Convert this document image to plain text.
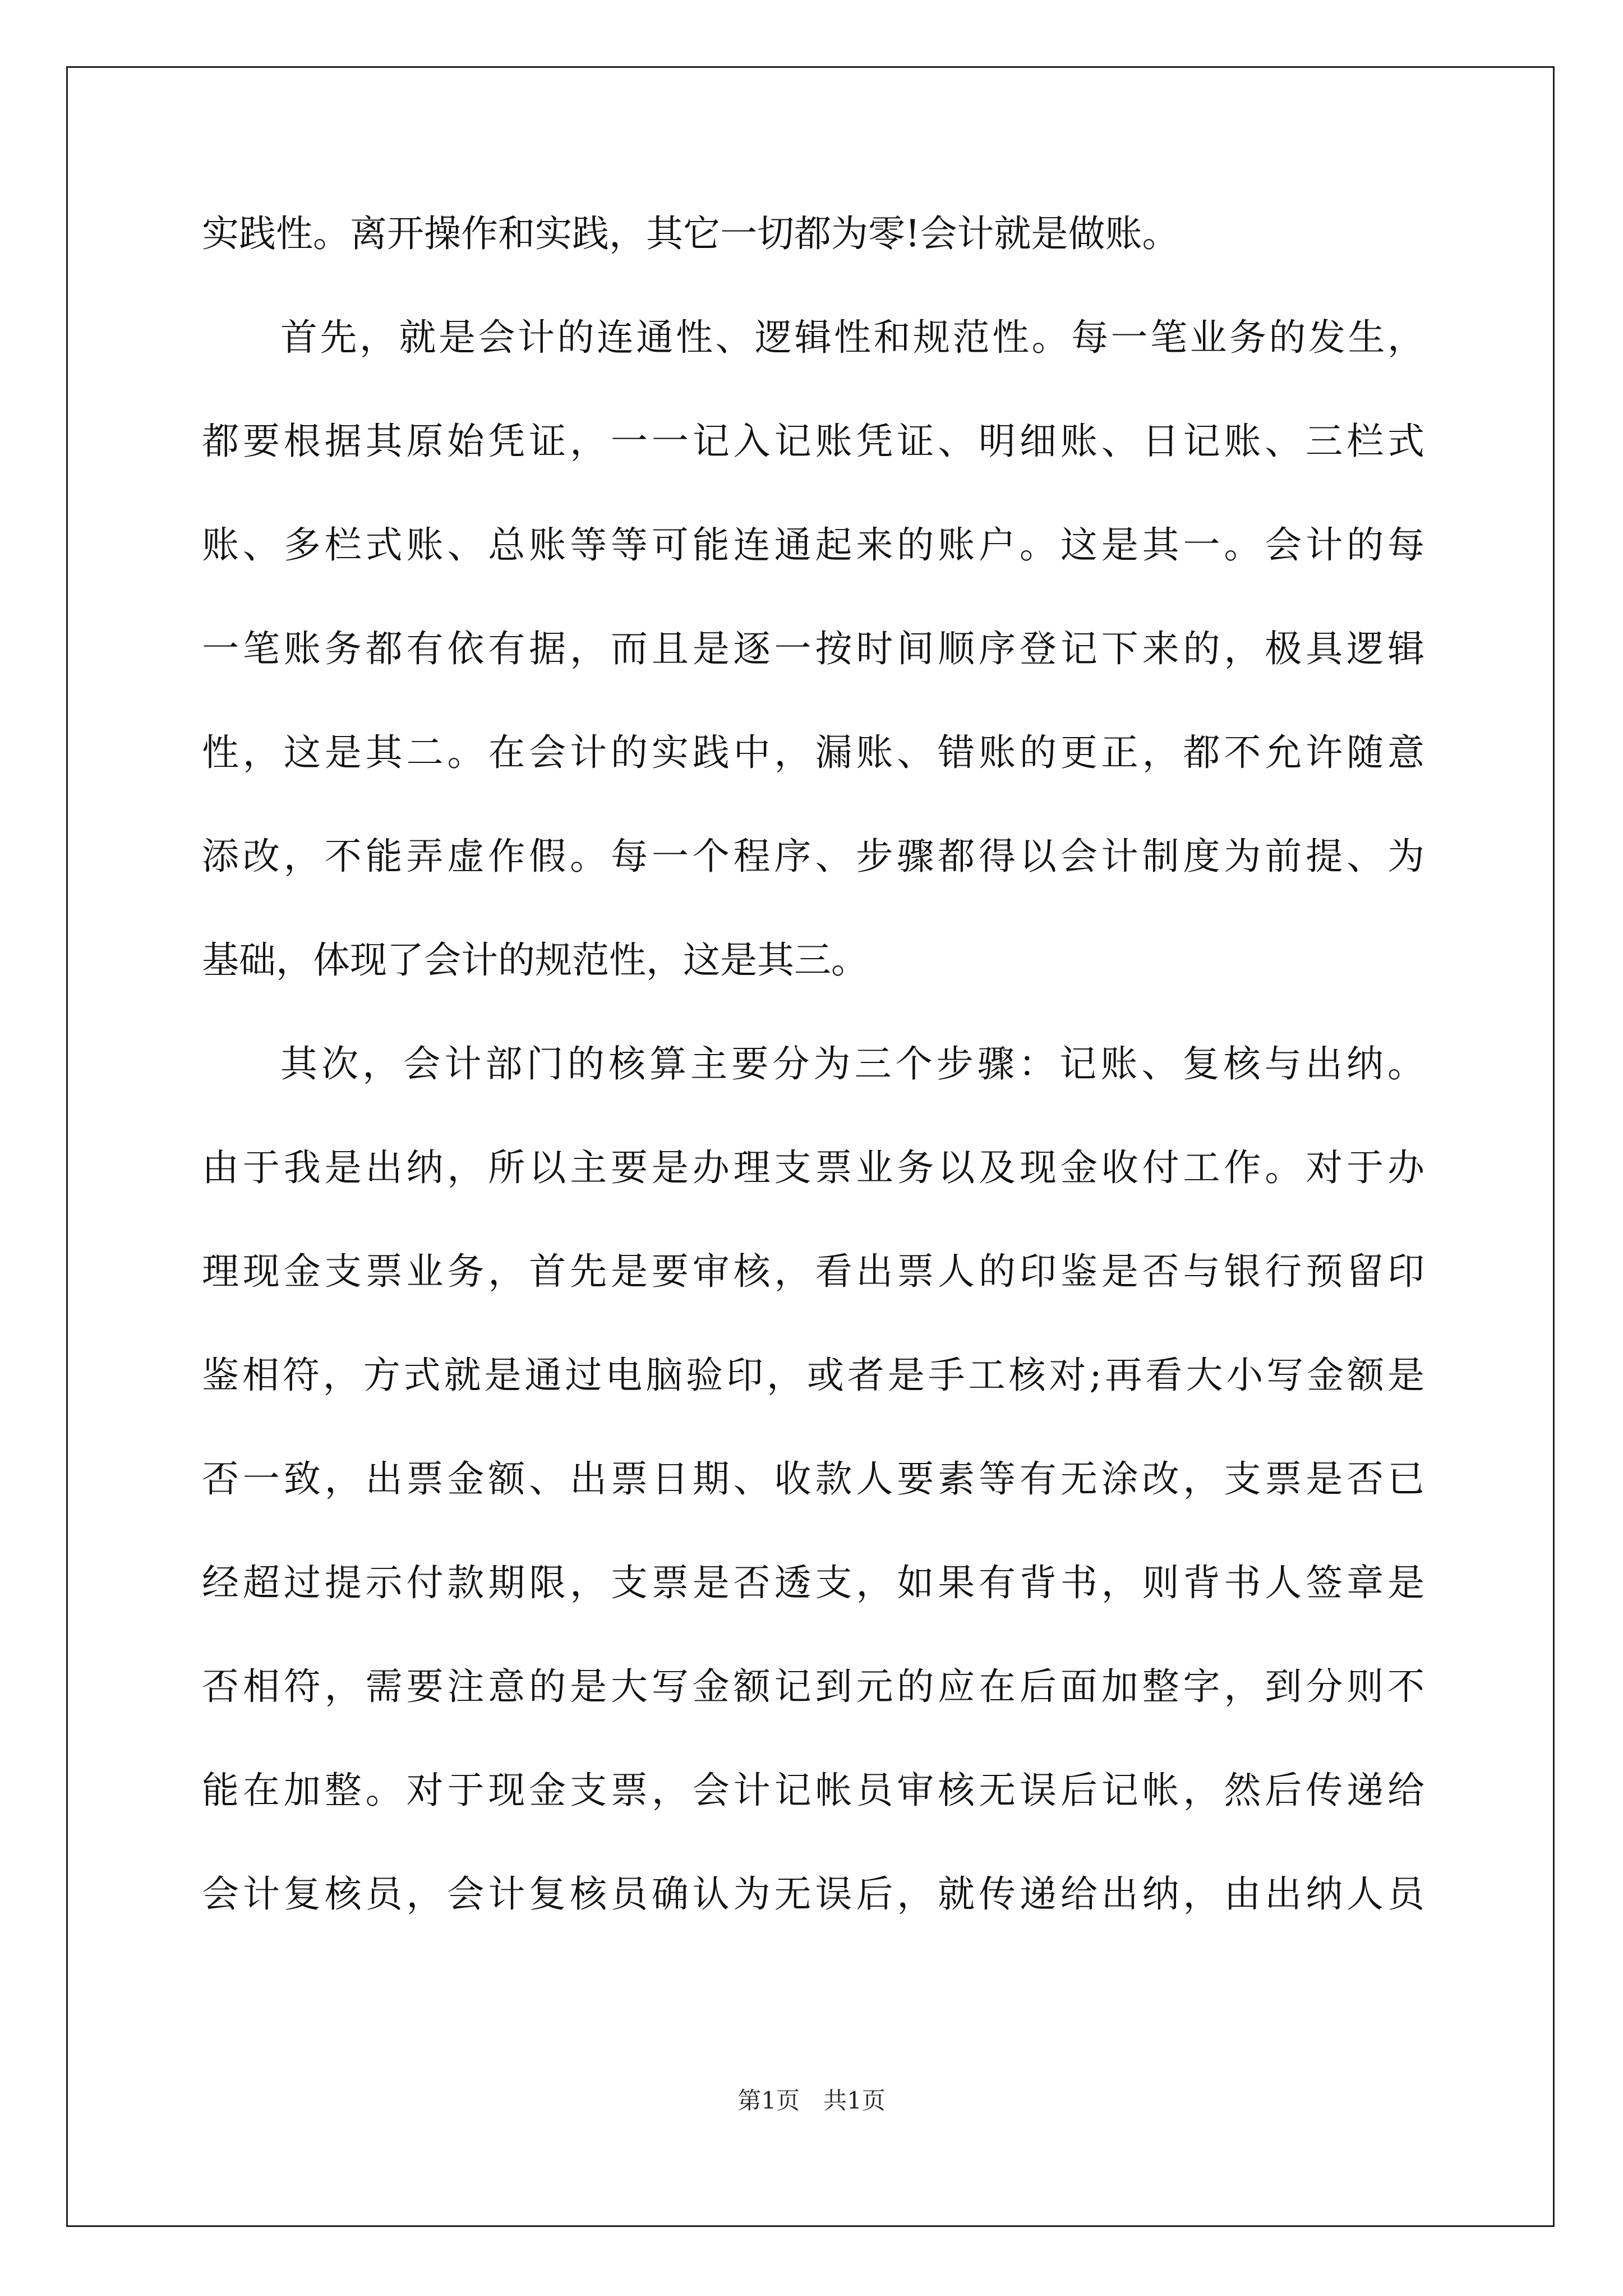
实践性。离开操作和实践，其它一切都为零!会计就是做账。
首先，就是会计的连通性、逻辑性和规范性。每一笔业务的发生，
都要根据其原始凭证，一一记入记账凭证、明细账、日记账、三栏式
账、多栏式账、总账等等可能连通起来的账户。这是其一。会计的每
一笔账务都有依有据，而且是逐一按时间顺序登记下来的，极具逻辑
性，这是其二。在会计的实践中，漏账、错账的更正，都不允许随意
添改，不能弄虚作假。每一个程序、步骤都得以会计制度为前提、为
基础，体现了会计的规范性，这是其三。
其次，会计部门的核算主要分为三个步骤：记账、复核与出纳。
由于我是出纳，所以主要是办理支票业务以及现金收付工作。对于办
理现金支票业务，首先是要审核，看出票人的印鉴是否与银行预留印
鉴相符，方式就是通过电脑验印，或者是手工核对;再看大小写金额是
否一致，出票金额、出票日期、收款人要素等有无涂改，支票是否已
经超过提示付款期限，支票是否透支，如果有背书，则背书人签章是
否相符，需要注意的是大写金额记到元的应在后面加整字，到分则不
能在加整。对于现金支票，会计记帐员审核无误后记帐，然后传递给
会计复核员，会计复核员确认为无误后，就传递给出纳，由出纳人员
第1页　共1页
